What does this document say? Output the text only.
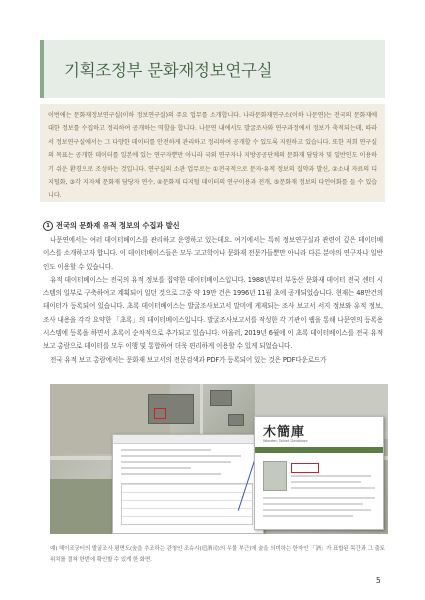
기획조정부 문화재정보연구실

이번에는 문화재정보연구실(이하 정보연구실)의 주요 업무를 소개합니다. 나라문화재연구소(이하 나문연)는 전국의 문화재에 대한 정보를 수집하고 정리하여 공개하는 역할을 합니다. 나문연 내에서도 발굴조사와 연구과정에서 정보가 축적되는데, 따라서 정보연구실에서는 그 다양한 데이터를 안전하게 관리하고 정리하여 공개할 수 있도록 지원하고 있습니다. 또한 저희 연구실의 목표는 공개한 데이터를 일본에 있는 연구자뿐만 아니라 국외 연구자나 지방공공단체의 문화재 담당자 및 일반인도 이용하기 쉬운 환경으로 조성하는 것입니다. 연구실의 소관 업무로는 ①전국적으로 문자·유적 정보의 집약과 발신, ②소내 자료의 디지털화, ③각 지자체 문화재 담당자 연수, ④문화재 디지털 데이터의 연구이용과 전개, ⑤문화재 정보의 다언어화를 들 수 있습니다.

1 전국의 문화재 유적 정보의 수집과 발신

나문연에서는 여러 데이터베이스를 관리하고 운영하고 있는데요. 여기에서는 특히 정보연구실과 관련이 깊은 데이터베이스를 소개하고자 합니다. 이 데이터베이스들은 모두 고고학이나 문화재 전문가들뿐만 아니라 다른 분야의 연구자나 일반인도 이용할 수 있습니다.

유적 데이터베이스는 전국의 유적 정보를 집약한 데이터베이스입니다. 1988년부터 부동산 문화재 데이터 전국 센터 시스템의 일부로 구축하여고 계획되어 일던 것으로 그중 약 19만 건은 1996년 11월 초에 공개되었습니다. 현재는 48만건의 데이터가 등록되어 있습니다. 초록 데이터베이스는 발굴조사보고서 말미에 게재되는 조사 보고서 서지 정보와 유적 정보, 조사 내용을 각각 요약한 「초록」의 데이터베이스입니다. 발굴조사보고서를 작성한 각 기관이 웹을 통해 나문연의 등록용 시스템에 등록을 하면서 초록이 순차적으로 추가되고 있습니다. 아울러, 2019년 6월에 이 초록 데이터베이스를 전국 유적 보고 총람으로 데이터를 모두 이행 및 통합하여 더욱 편리하게 이용할 수 있게 되었습니다.

전국 유적 보고 총람에서는 문화재 보고서의 전문검색과 PDF가 등록되어 있는 것은 PDF다운로드가

木簡庫
Wooden Tablet Database

예) 헤이조궁터의 발굴조사 평면도(숲을 추조하는 관청인 조슈시(造酒司)의 우물 부근)에 술을 의미하는 한자인 「酒」가 표합된 목간과 그 출토 위치를 결쳐 한번에 확인할 수 있게 한 화면.

5
